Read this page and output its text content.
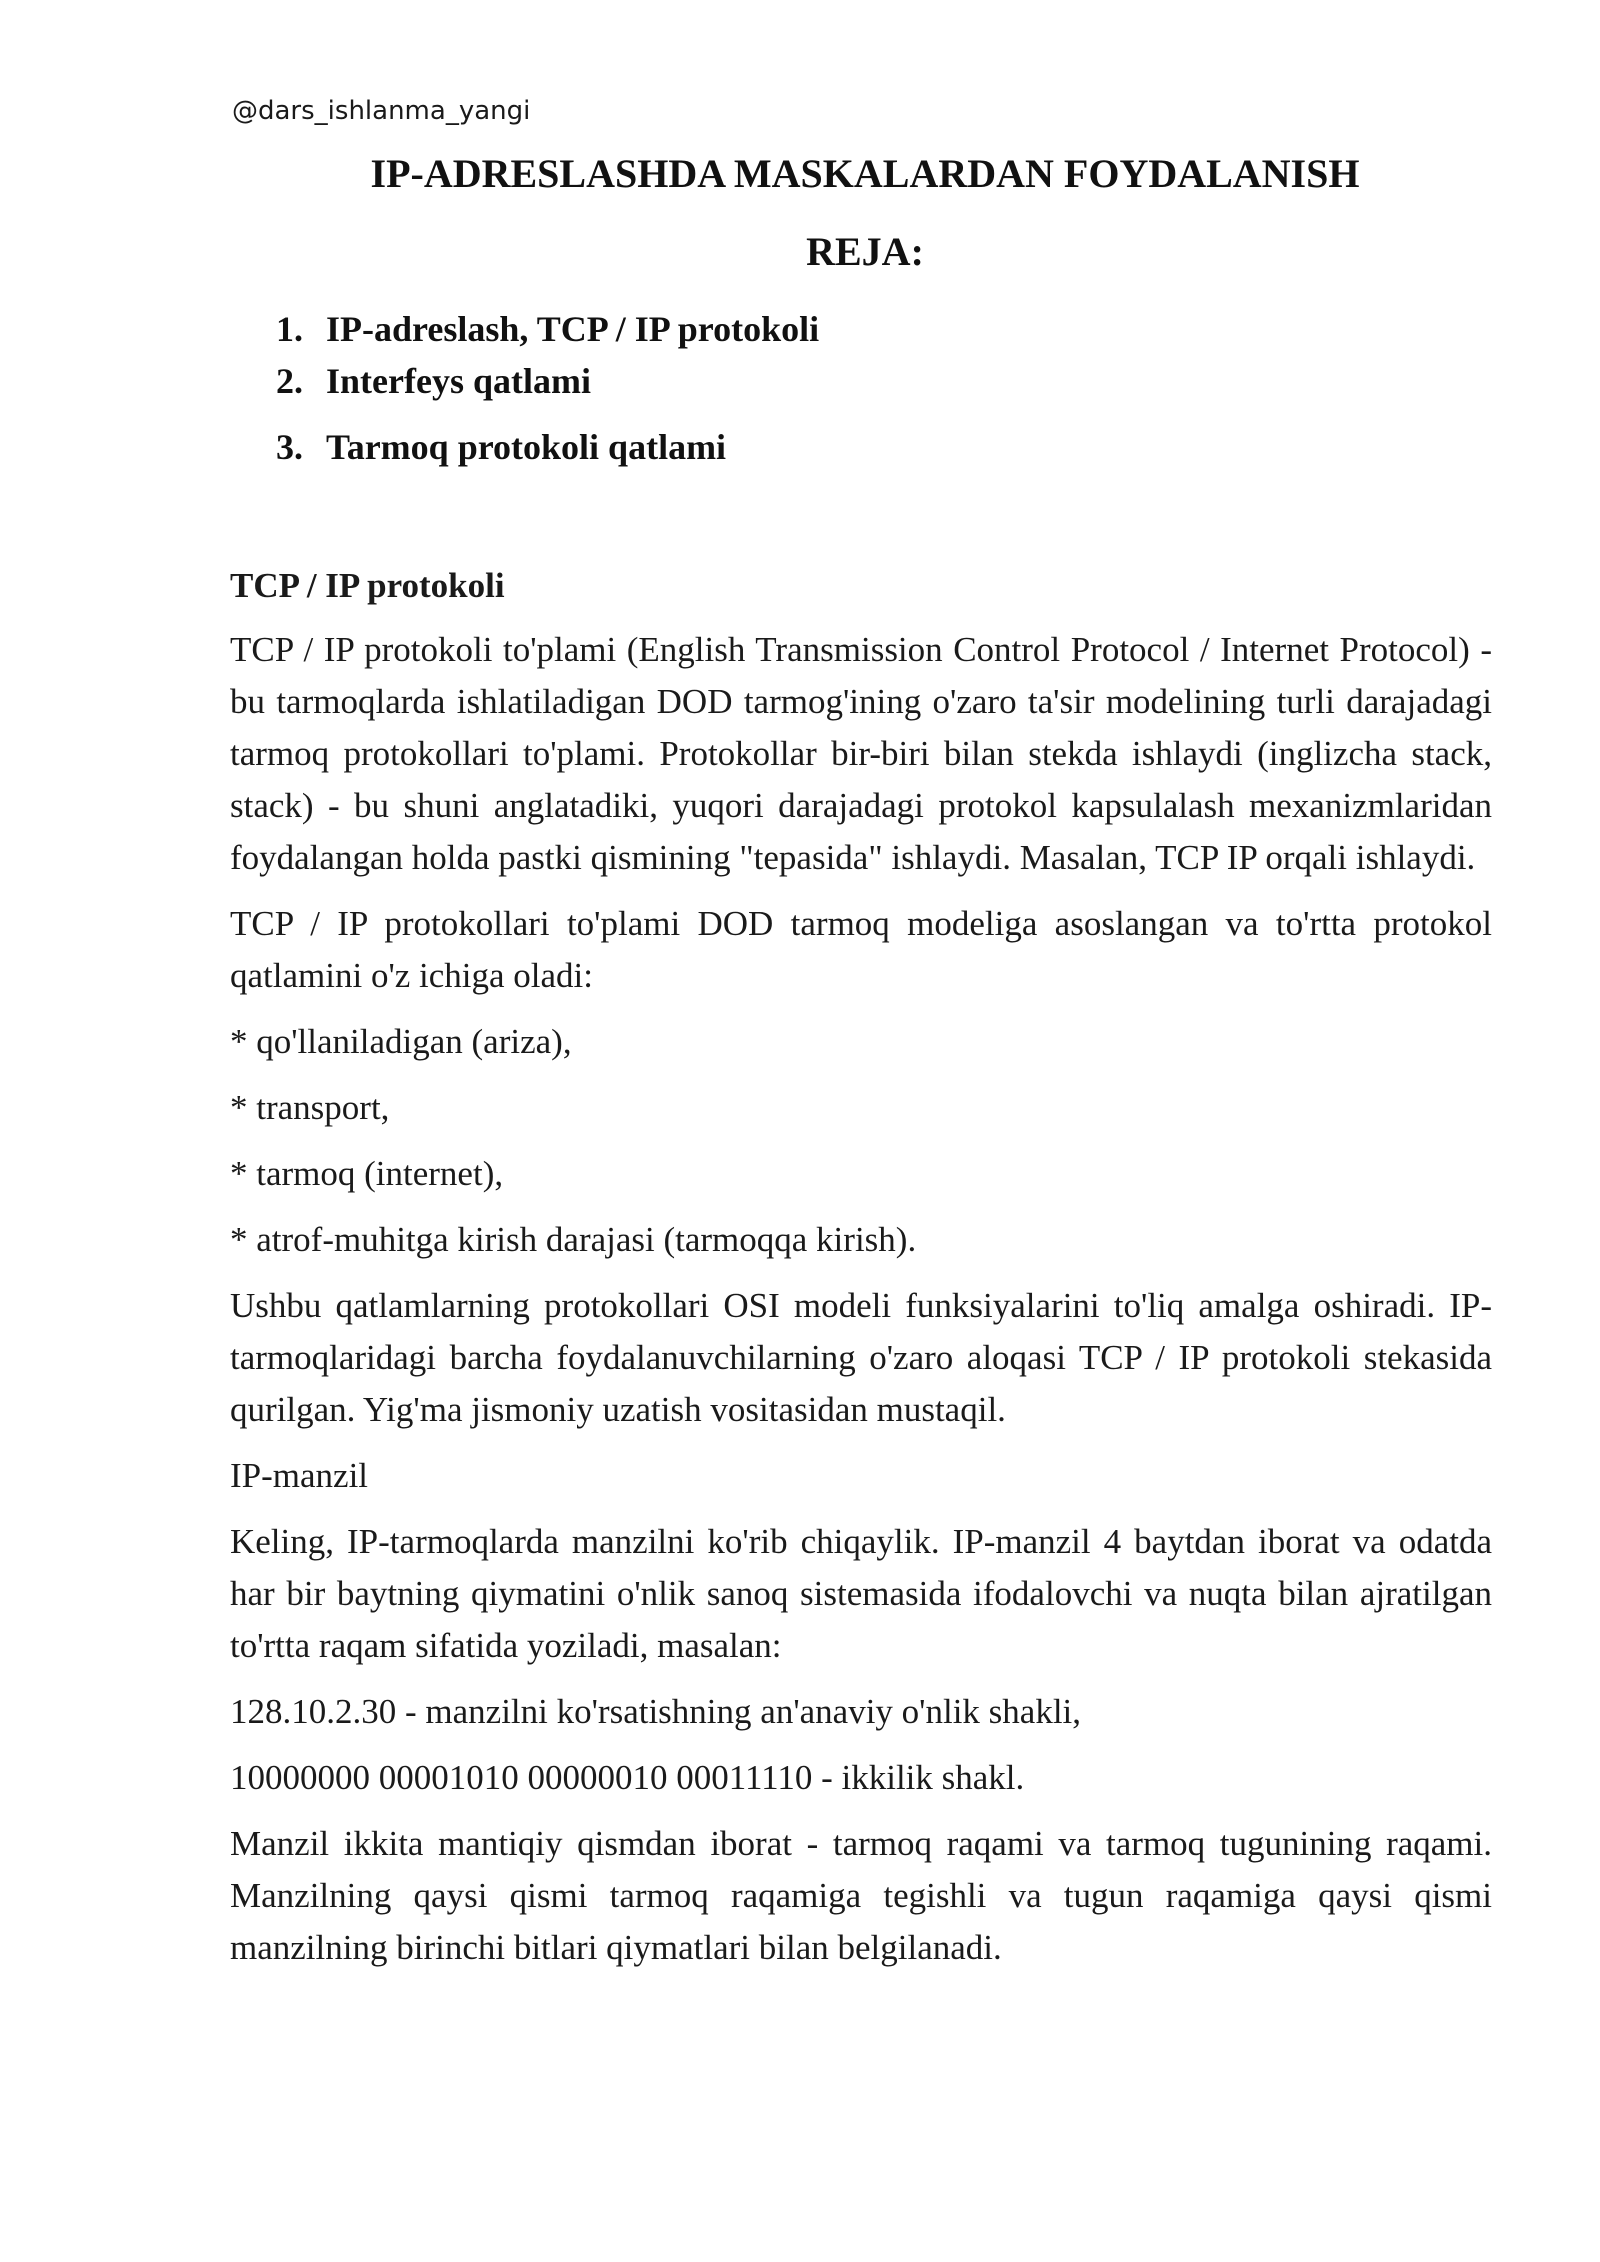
@dars_ishlanma_yangi
IP-ADRESLASHDA MASKALARDAN FOYDALANISH
REJA:
1. IP-adreslash, TCP / IP protokoli
2. Interfeys qatlami
3. Tarmoq protokoli qatlami
TCP / IP protokoli

TCP / IP protokoli to'plami (English Transmission Control Protocol / Internet Protocol) - bu tarmoqlarda ishlatiladigan DOD tarmog'ining o'zaro ta'sir modelining turli darajadagi tarmoq protokollari to'plami. Protokollar bir-biri bilan stekda ishlaydi (inglizcha stack, stack) - bu shuni anglatadiki, yuqori darajadagi protokol kapsulalash mexanizmlaridan foydalangan holda pastki qismining "tepasida" ishlaydi. Masalan, TCP IP orqali ishlaydi.

TCP / IP protokollari to'plami DOD tarmoq modeliga asoslangan va to'rtta protokol qatlamini o'z ichiga oladi:

* qo'llaniladigan (ariza),
* transport,
* tarmoq (internet),
* atrof-muhitga kirish darajasi (tarmoqqa kirish).

Ushbu qatlamlarning protokollari OSI modeli funksiyalarini to'liq amalga oshiradi. IP-tarmoqlaridagi barcha foydalanuvchilarning o'zaro aloqasi TCP / IP protokoli stekasida qurilgan. Yig'ma jismoniy uzatish vositasidan mustaqil.

IP-manzil

Keling, IP-tarmoqlarda manzilni ko'rib chiqaylik. IP-manzil 4 baytdan iborat va odatda har bir baytning qiymatini o'nlik sanoq sistemasida ifodalovchi va nuqta bilan ajratilgan to'rtta raqam sifatida yoziladi, masalan:

128.10.2.30 - manzilni ko'rsatishning an'anaviy o'nlik shakli,
10000000 00001010 00000010 00011110 - ikkilik shakl.

Manzil ikkita mantiqiy qismdan iborat - tarmoq raqami va tarmoq tugunining raqami. Manzilning qaysi qismi tarmoq raqamiga tegishli va tugun raqamiga qaysi qismi manzilning birinchi bitlari qiymatlari bilan belgilanadi.
